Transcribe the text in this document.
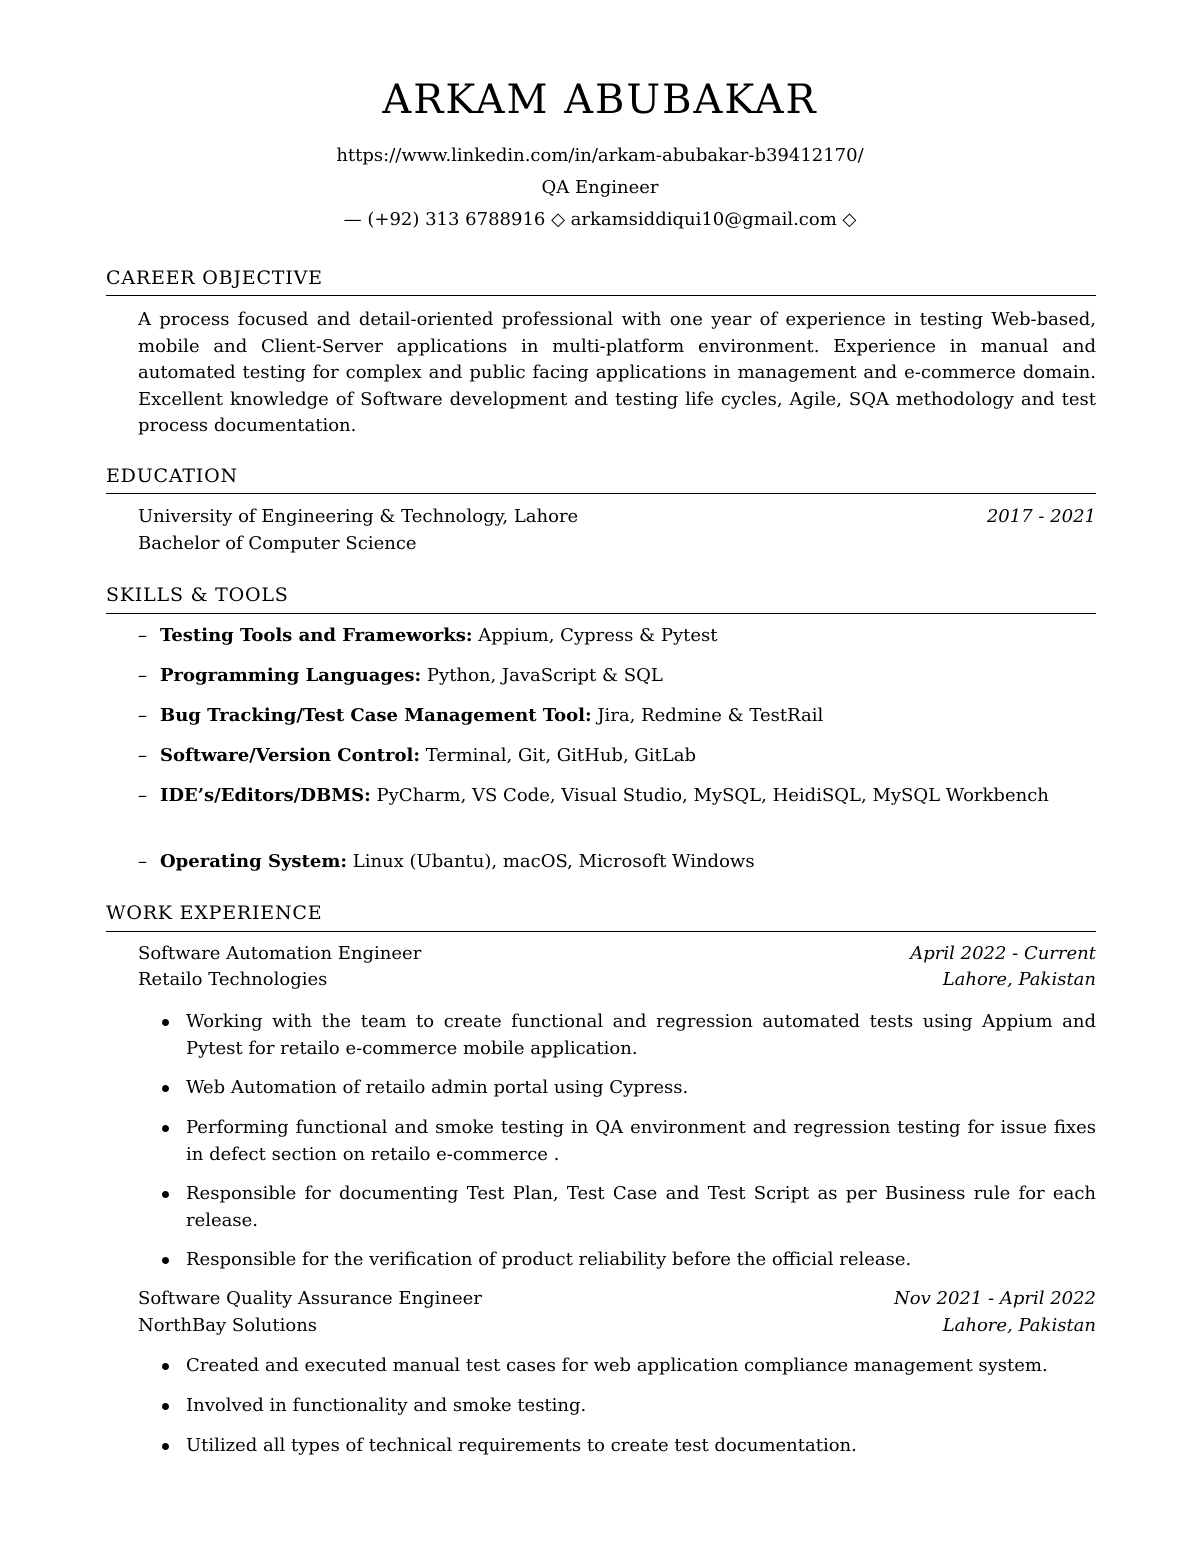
ARKAM ABUBAKAR
https://www.linkedin.com/in/arkam-abubakar-b39412170/
QA Engineer
— (+92) 313 6788916 ◇ arkamsiddiqui10@gmail.com ◇
CAREER OBJECTIVE
A process focused and detail-oriented professional with one year of experience in testing Web-based, mobile and Client-Server applications in multi-platform environment. Experience in manual and automated testing for complex and public facing applications in management and e-commerce domain. Excellent knowledge of Software development and testing life cycles, Agile, SQA methodology and test process documentation.
EDUCATION
University of Engineering & Technology, Lahore	2017 - 2021
Bachelor of Computer Science
SKILLS & TOOLS
– Testing Tools and Frameworks: Appium, Cypress & Pytest
– Programming Languages: Python, JavaScript & SQL
– Bug Tracking/Test Case Management Tool: Jira, Redmine & TestRail
– Software/Version Control: Terminal, Git, GitHub, GitLab
– IDE’s/Editors/DBMS: PyCharm, VS Code, Visual Studio, MySQL, HeidiSQL, MySQL Workbench
– Operating System: Linux (Ubantu), macOS, Microsoft Windows
WORK EXPERIENCE
Software Automation Engineer	April 2022 - Current
Retailo Technologies	Lahore, Pakistan
Working with the team to create functional and regression automated tests using Appium and Pytest for retailo e-commerce mobile application.
Web Automation of retailo admin portal using Cypress.
Performing functional and smoke testing in QA environment and regression testing for issue fixes in defect section on retailo e-commerce .
Responsible for documenting Test Plan, Test Case and Test Script as per Business rule for each release.
Responsible for the verification of product reliability before the official release.
Software Quality Assurance Engineer	Nov 2021 - April 2022
NorthBay Solutions	Lahore, Pakistan
Created and executed manual test cases for web application compliance management system.
Involved in functionality and smoke testing.
Utilized all types of technical requirements to create test documentation.
